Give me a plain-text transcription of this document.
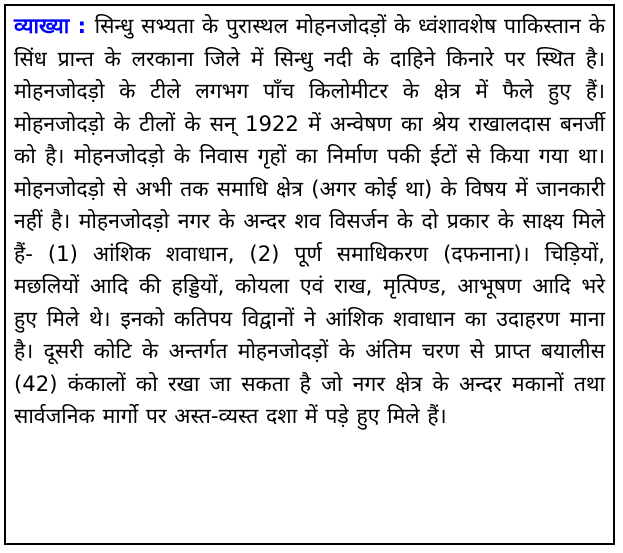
व्याख्या : सिन्धु सभ्यता के पुरास्थल मोहनजोदड़ों के ध्वंशावशेष पाकिस्तान के सिंध प्रान्त के लरकाना जिले में सिन्धु नदी के दाहिने किनारे पर स्थित है। मोहनजोदड़ो के टीले लगभग पाँच किलोमीटर के क्षेत्र में फैले हुए हैं। मोहनजोदड़ो के टीलों के सन् 1922 में अन्वेषण का श्रेय राखालदास बनर्जी को है। मोहनजोदड़ो के निवास गृहों का निर्माण पकी ईटों से किया गया था। मोहनजोदड़ो से अभी तक समाधि क्षेत्र (अगर कोई था) के विषय में जानकारी नहीं है। मोहनजोदड़ो नगर के अन्दर शव विसर्जन के दो प्रकार के साक्ष्य मिले हैं- (1) आंशिक शवाधान, (2) पूर्ण समाधिकरण (दफनाना)। चिड़ियों, मछलियों आदि की हड्डियों, कोयला एवं राख, मृत्पिण्ड, आभूषण आदि भरे हुए मिले थे। इनको कतिपय विद्वानों ने आंशिक शवाधान का उदाहरण माना है। दूसरी कोटि के अन्तर्गत मोहनजोदड़ों के अंतिम चरण से प्राप्त बयालीस (42) कंकालों को रखा जा सकता है जो नगर क्षेत्र के अन्दर मकानों तथा सार्वजनिक मार्गो पर अस्त-व्यस्त दशा में पड़े हुए मिले हैं।
